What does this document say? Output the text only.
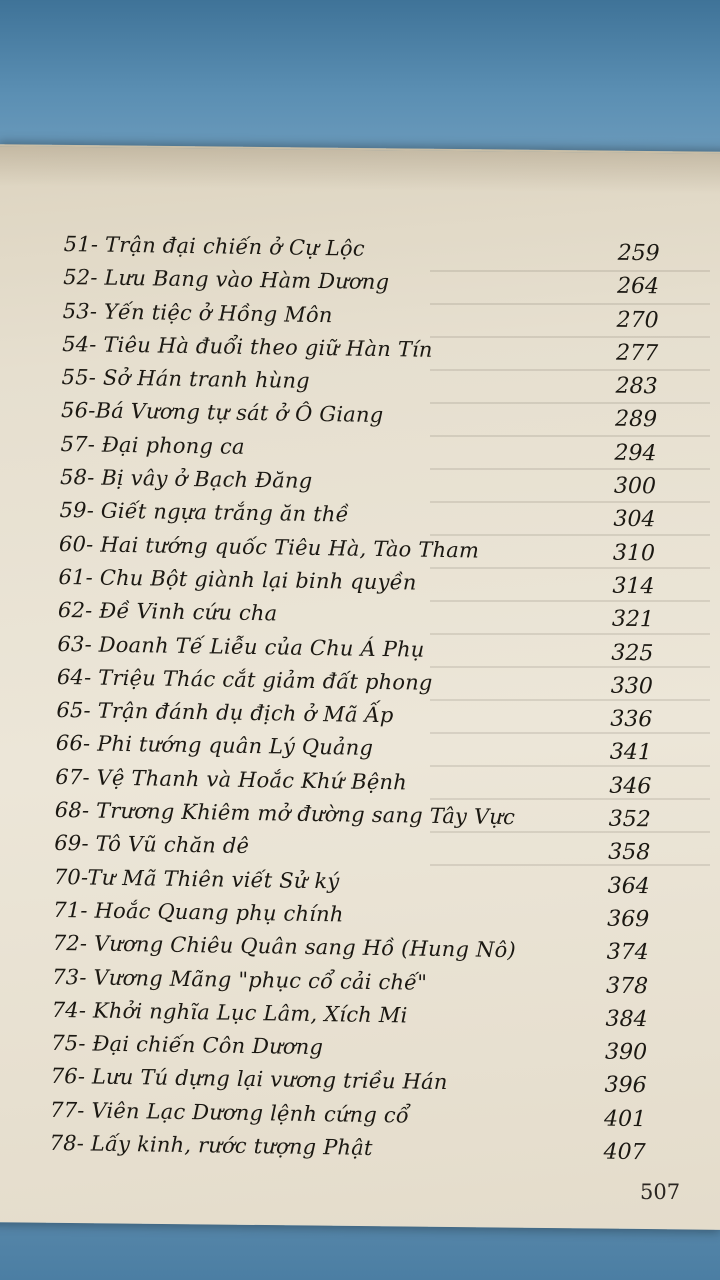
51- Trận đại chiến ở Cự Lộc	259
52- Lưu Bang vào Hàm Dương	264
53- Yến tiệc ở Hồng Môn	270
54- Tiêu Hà đuổi theo giữ Hàn Tín	277
55- Sở Hán tranh hùng	283
56-Bá Vương tự sát ở Ô Giang	289
57- Đại phong ca	294
58- Bị vây ở Bạch Đăng	300
59- Giết ngựa trắng ăn thề	304
60- Hai tướng quốc Tiêu Hà, Tào Tham	310
61- Chu Bột giành lại binh quyền	314
62- Đề Vinh cứu cha	321
63- Doanh Tế Liễu của Chu Á Phụ	325
64- Triệu Thác cắt giảm đất phong	330
65- Trận đánh dụ địch ở Mã Ấp	336
66- Phi tướng quân Lý Quảng	341
67- Vệ Thanh và Hoắc Khứ Bệnh	346
68- Trương Khiêm mở đường sang Tây Vực	352
69- Tô Vũ chăn dê	358
70-Tư Mã Thiên viết Sử ký	364
71- Hoắc Quang phụ chính	369
72- Vương Chiêu Quân sang Hồ (Hung Nô)	374
73- Vương Mãng "phục cổ cải chế"	378
74- Khởi nghĩa Lục Lâm, Xích Mi	384
75- Đại chiến Côn Dương	390
76- Lưu Tú dựng lại vương triều Hán	396
77- Viên Lạc Dương lệnh cứng cổ	401
78- Lấy kinh, rước tượng Phật	407
507
